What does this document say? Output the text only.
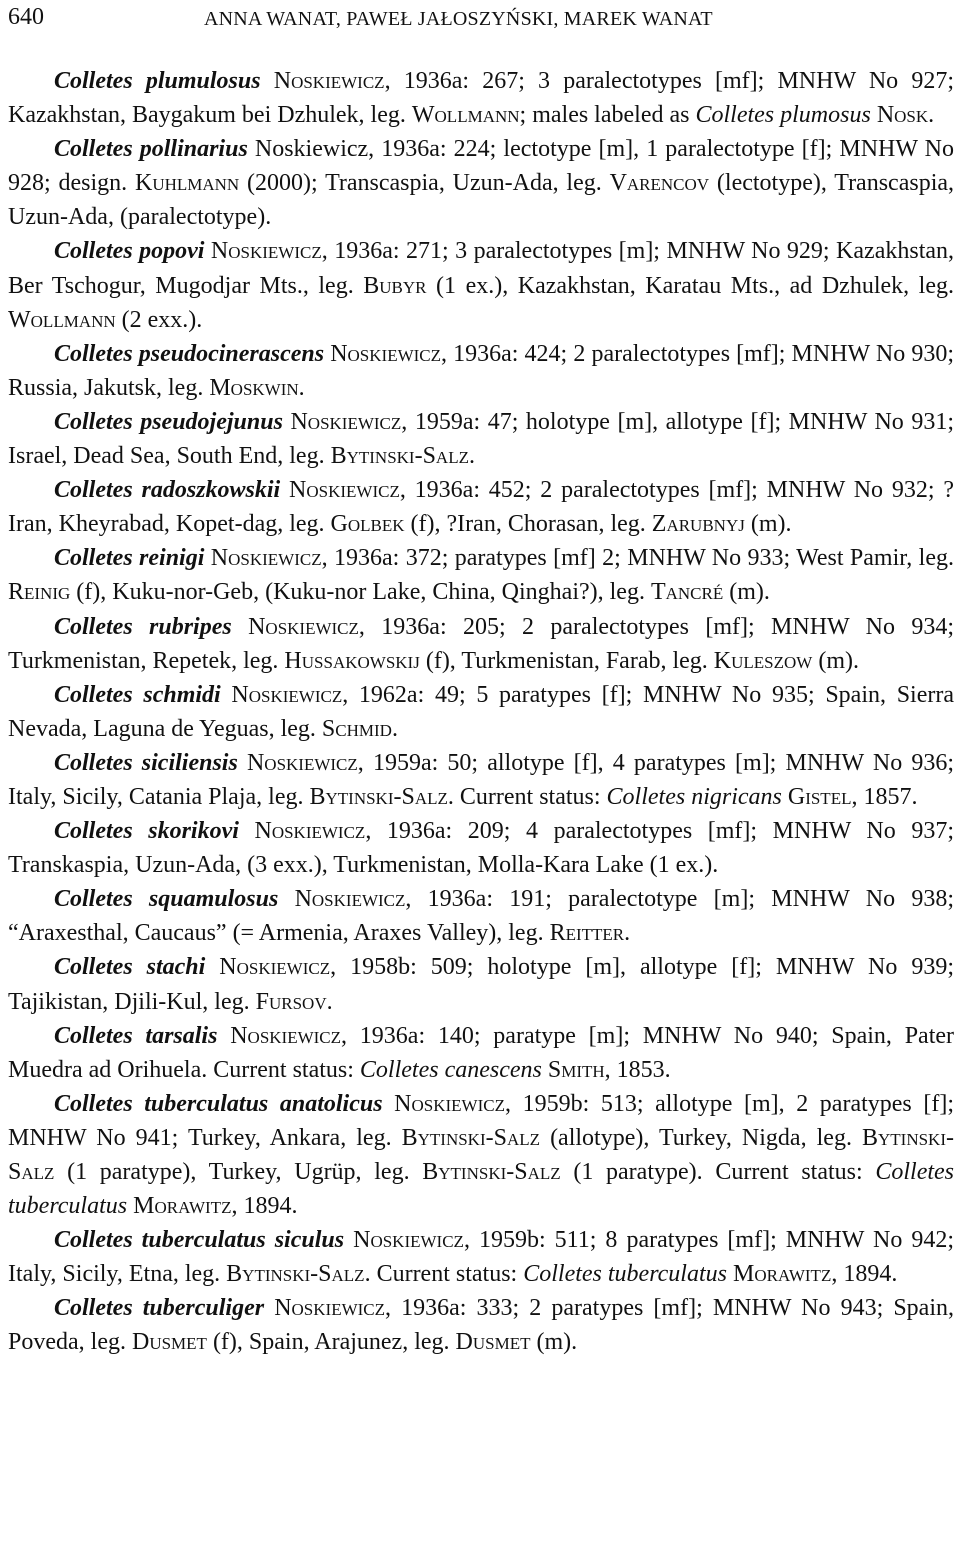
640	ANNA WANAT, PAWEŁ JAŁOSZYŃSKI, MAREK WANAT

Colletes plumulosus Noskiewicz, 1936a: 267; 3 paralectotypes [mf]; MNHW No 927; Kazakhstan, Baygakum bei Dzhulek, leg. Wollmann; males labeled as Colletes plumosus Nosk.

Colletes pollinarius Noskiewicz, 1936a: 224; lectotype [m], 1 paralectotype [f]; MNHW No 928; design. Kuhlmann (2000); Transcaspia, Uzun-Ada, leg. Varencov (lectotype), Transcaspia, Uzun-Ada, (paralectotype).

Colletes popovi Noskiewicz, 1936a: 271; 3 paralectotypes [m]; MNHW No 929; Kazakhstan, Ber Tschogur, Mugodjar Mts., leg. Bubyr (1 ex.), Kazakhstan, Karatau Mts., ad Dzhulek, leg. Wollmann (2 exx.).

Colletes pseudocinerascens Noskiewicz, 1936a: 424; 2 paralectotypes [mf]; MNHW No 930; Russia, Jakutsk, leg. Moskwin.

Colletes pseudojejunus Noskiewicz, 1959a: 47; holotype [m], allotype [f]; MNHW No 931; Israel, Dead Sea, South End, leg. Bytinski-Salz.

Colletes radoszkowskii Noskiewicz, 1936a: 452; 2 paralectotypes [mf]; MNHW No 932; ?Iran, Kheyrabad, Kopet-dag, leg. Golbek (f), ?Iran, Chorasan, leg. Zarubnyj (m).

Colletes reinigi Noskiewicz, 1936a: 372; paratypes [mf] 2; MNHW No 933; West Pamir, leg. Reinig (f), Kuku-nor-Geb, (Kuku-nor Lake, China, Qinghai?), leg. Tancré (m).

Colletes rubripes Noskiewicz, 1936a: 205; 2 paralectotypes [mf]; MNHW No 934; Turkmenistan, Repetek, leg. Hussakowskij (f), Turkmenistan, Farab, leg. Kuleszow (m).

Colletes schmidi Noskiewicz, 1962a: 49; 5 paratypes [f]; MNHW No 935; Spain, Sierra Nevada, Laguna de Yeguas, leg. Schmid.

Colletes siciliensis Noskiewicz, 1959a: 50; allotype [f], 4 paratypes [m]; MNHW No 936; Italy, Sicily, Catania Plaja, leg. Bytinski-Salz. Current status: Colletes nigricans Gistel, 1857.

Colletes skorikovi Noskiewicz, 1936a: 209; 4 paralectotypes [mf]; MNHW No 937; Transkaspia, Uzun-Ada, (3 exx.), Turkmenistan, Molla-Kara Lake (1 ex.).

Colletes squamulosus Noskiewicz, 1936a: 191; paralectotype [m]; MNHW No 938; “Araxesthal, Caucaus” (= Armenia, Araxes Valley), leg. Reitter.

Colletes stachi Noskiewicz, 1958b: 509; holotype [m], allotype [f]; MNHW No 939; Tajikistan, Djili-Kul, leg. Fursov.

Colletes tarsalis Noskiewicz, 1936a: 140; paratype [m]; MNHW No 940; Spain, Pater Muedra ad Orihuela. Current status: Colletes canescens Smith, 1853.

Colletes tuberculatus anatolicus Noskiewicz, 1959b: 513; allotype [m], 2 paratypes [f]; MNHW No 941; Turkey, Ankara, leg. Bytinski-Salz (allotype), Turkey, Nigda, leg. Bytinski-Salz (1 paratype), Turkey, Ugrüp, leg. Bytinski-Salz (1 paratype). Current status: Colletes tuberculatus Morawitz, 1894.

Colletes tuberculatus siculus Noskiewicz, 1959b: 511; 8 paratypes [mf]; MNHW No 942; Italy, Sicily, Etna, leg. Bytinski-Salz. Current status: Colletes tuberculatus Morawitz, 1894.

Colletes tuberculiger Noskiewicz, 1936a: 333; 2 paratypes [mf]; MNHW No 943; Spain, Poveda, leg. Dusmet (f), Spain, Arajunez, leg. Dusmet (m).
